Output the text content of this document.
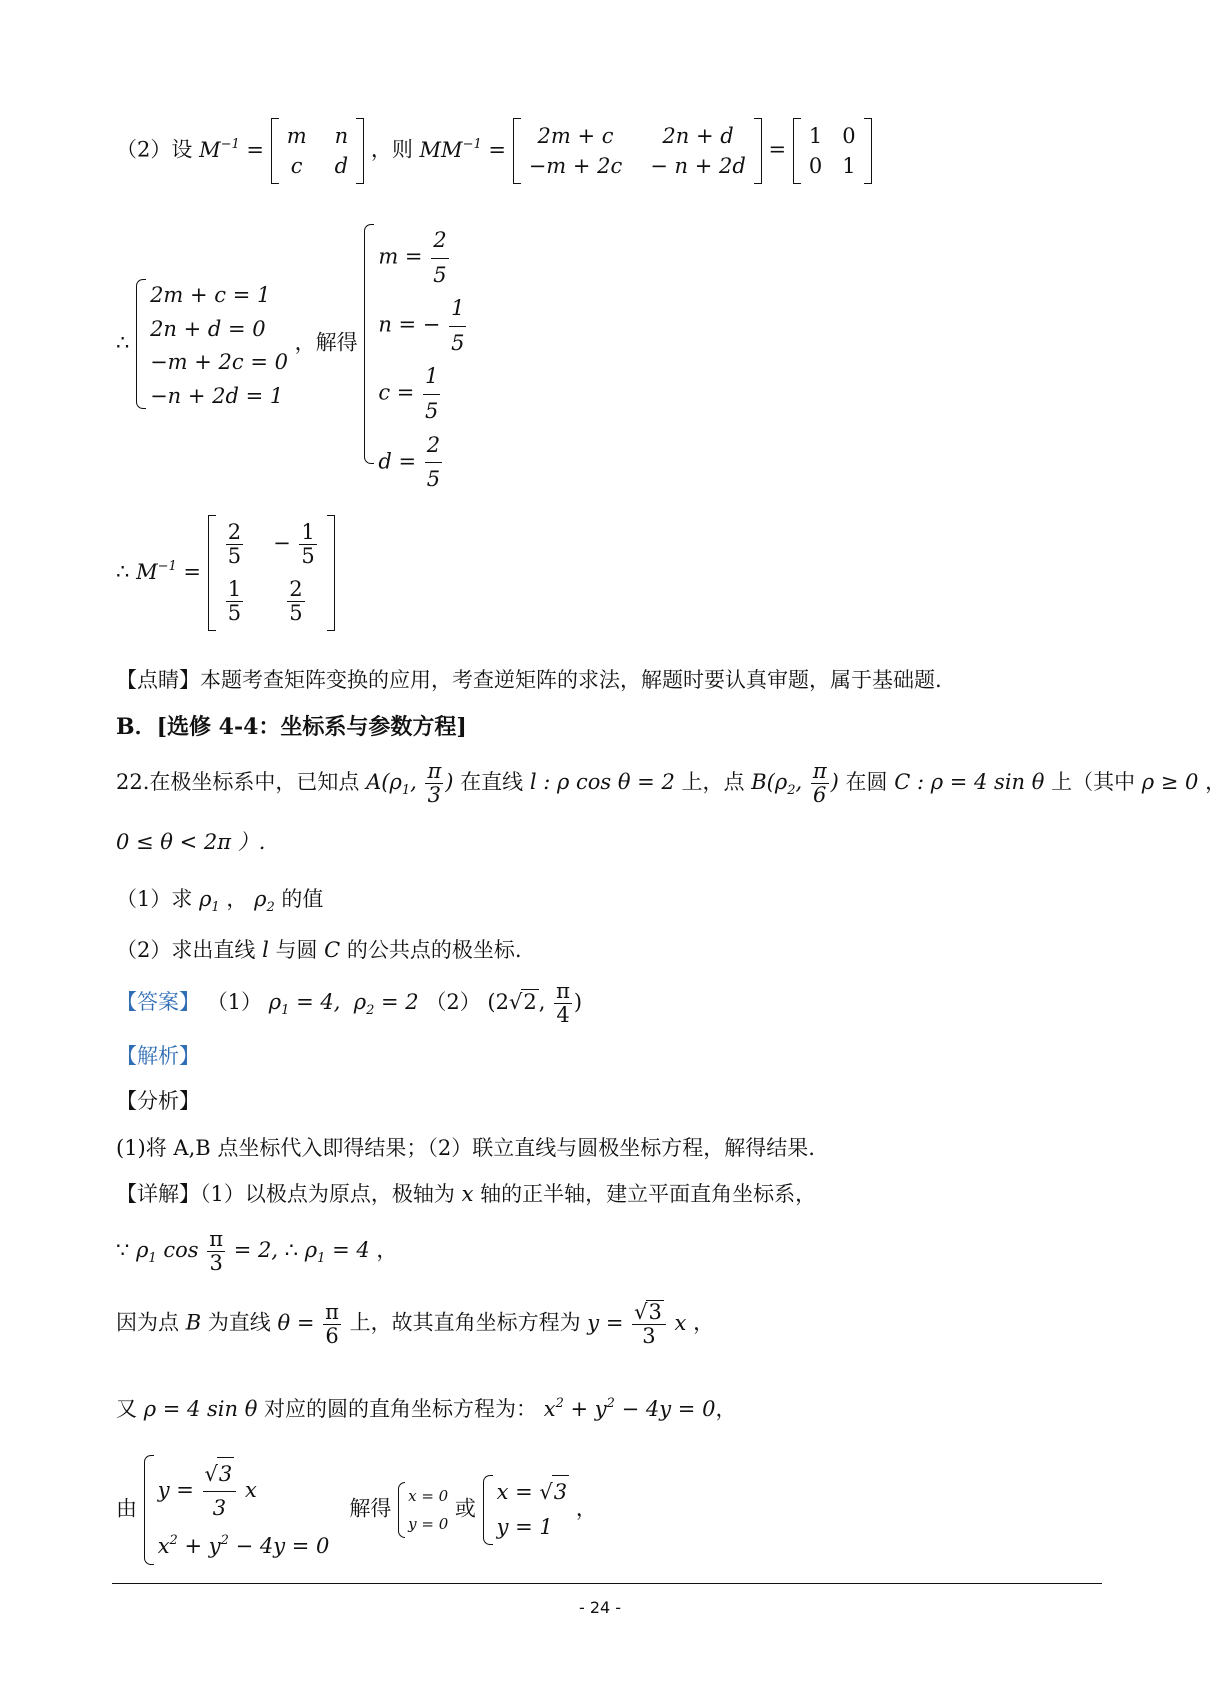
（2）设 $M^{-1}$ =
m n
c d
，则 $MM^{-1}$ =
2m + c	2n + d
−m + 2c − n + 2d
=
1 0
0 1
∴
2m + c = 1
2n + d = 0
−m + 2c = 0
−n + 2d = 1
，解得
$m = \frac{2}{5}$
n = − $\frac{1}{5}$
$c = \frac{1}{5}$
$d = \frac{2}{5}$
∴ $M^{-1}$ =
2
5
− $\frac{1}{5}$
1
5
2
5
【点睛】本题考查矩阵变换的应用，考查逆矩阵的求法，解题时要认真审题，属于基础题.
B．[选修 4-4：坐标系与参数方程]
22.在极坐标系中，已知点 $A(\rho_1$, $\frac{\pi}{3}$ ) 在直线 l : ρ cos θ = 2 上，点 $B(\rho_2$, $\frac{\pi}{6}$ ) 在圆 C : ρ = 4 sin θ 上（其中 ρ ≥ 0 ，
0 ≤ θ < 2π ）.
（1）求 $\rho_1$ ， $\rho_2$ 的值
（2）求出直线 l 与圆 C 的公共点的极坐标.
【答案】 （1） $\rho_1 = 4$,  $\rho_2 = 2$ （2） (2√2, $\frac{\pi}{4}$ )
【解析】
【分析】
(1)将 A,B 点坐标代入即得结果；（2）联立直线与圆极坐标方程，解得结果.
【详解】（1）以极点为原点，极轴为 x 轴的正半轴，建立平面直角坐标系，
∵ $\rho_1$ $\cos \frac{\pi}{3} = 2$, ∴ $\rho_1 = 4$ ，
因为点 B 为直线 $\theta = \frac{\pi}{6}$ 上，故其直角坐标方程为 $y = \frac{√3}{3}$ x ，
又 ρ = 4 sin θ 对应的圆的直角坐标方程为： $x^2 + y^2 - 4y = 0$，
由
$y = \frac{√3}{3}$ x
$x^2 + y^2 - 4y = 0$
解得
x = 0
y = 0
或
x = √3
y = 1
，
- 24 -
